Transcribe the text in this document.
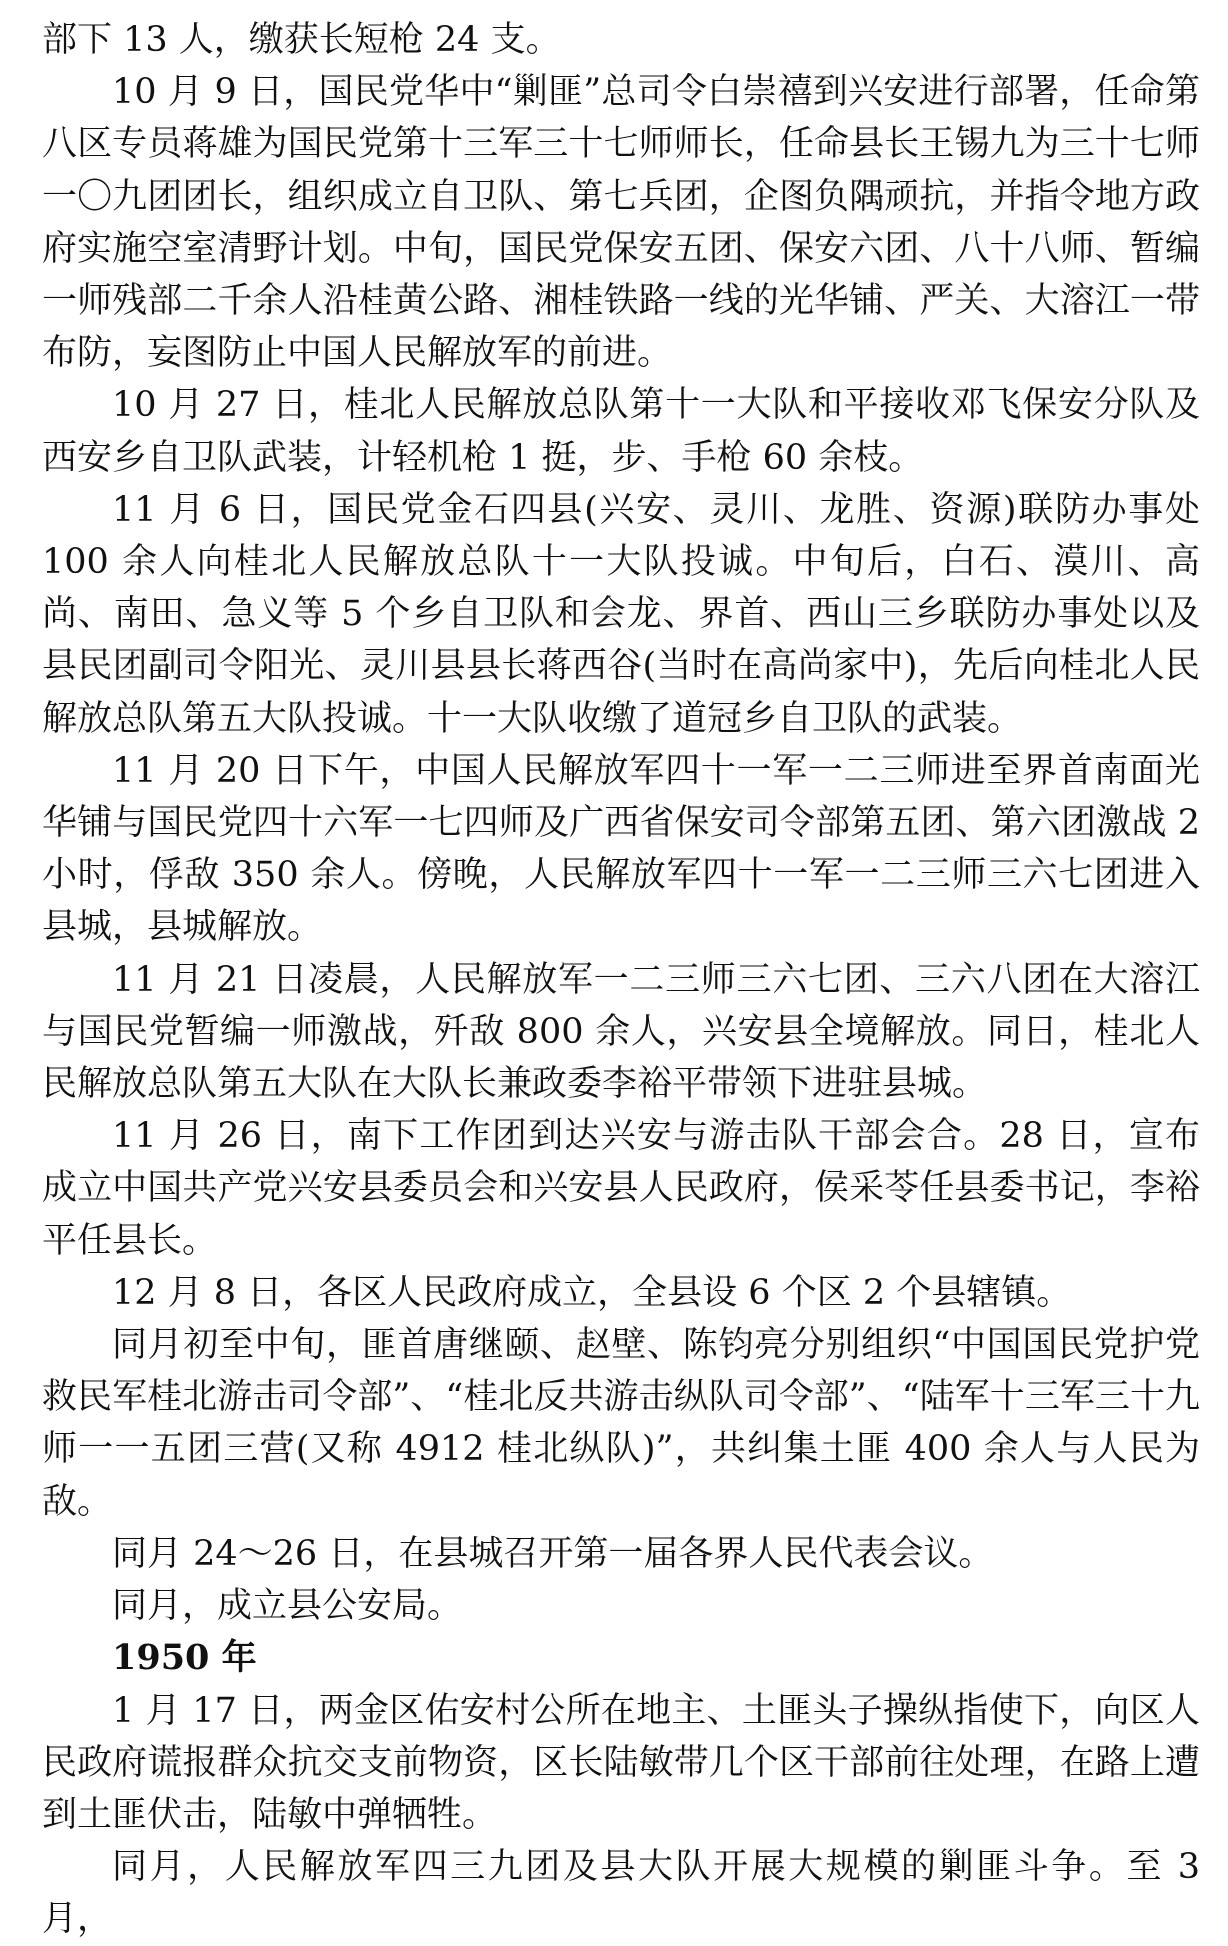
部下 13 人，缴获长短枪 24 支。

10 月 9 日，国民党华中“剿匪”总司令白崇禧到兴安进行部署，任命第八区专员蒋雄为国民党第十三军三十七师师长，任命县长王锡九为三十七师一〇九团团长，组织成立自卫队、第七兵团，企图负隅顽抗，并指令地方政府实施空室清野计划。中旬，国民党保安五团、保安六团、八十八师、暂编一师残部二千余人沿桂黄公路、湘桂铁路一线的光华铺、严关、大溶江一带布防，妄图防止中国人民解放军的前进。

10 月 27 日，桂北人民解放总队第十一大队和平接收邓飞保安分队及西安乡自卫队武装，计轻机枪 1 挺，步、手枪 60 余枝。

11 月 6 日，国民党金石四县(兴安、灵川、龙胜、资源)联防办事处 100 余人向桂北人民解放总队十一大队投诚。中旬后，白石、漠川、高尚、南田、急义等 5 个乡自卫队和会龙、界首、西山三乡联防办事处以及县民团副司令阳光、灵川县县长蒋西谷(当时在高尚家中)，先后向桂北人民解放总队第五大队投诚。十一大队收缴了道冠乡自卫队的武装。

11 月 20 日下午，中国人民解放军四十一军一二三师进至界首南面光华铺与国民党四十六军一七四师及广西省保安司令部第五团、第六团激战 2 小时，俘敌 350 余人。傍晚，人民解放军四十一军一二三师三六七团进入县城，县城解放。

11 月 21 日凌晨，人民解放军一二三师三六七团、三六八团在大溶江与国民党暂编一师激战，歼敌 800 余人，兴安县全境解放。同日，桂北人民解放总队第五大队在大队长兼政委李裕平带领下进驻县城。

11 月 26 日，南下工作团到达兴安与游击队干部会合。28 日，宣布成立中国共产党兴安县委员会和兴安县人民政府，侯采苓任县委书记，李裕平任县长。

12 月 8 日，各区人民政府成立，全县设 6 个区 2 个县辖镇。

同月初至中旬，匪首唐继颐、赵壁、陈钧亮分别组织“中国国民党护党救民军桂北游击司令部”、“桂北反共游击纵队司令部”、“陆军十三军三十九师一一五团三营(又称 4912 桂北纵队)”，共纠集土匪 400 余人与人民为敌。

同月 24～26 日，在县城召开第一届各界人民代表会议。

同月，成立县公安局。

1950 年

1 月 17 日，两金区佑安村公所在地主、土匪头子操纵指使下，向区人民政府谎报群众抗交支前物资，区长陆敏带几个区干部前往处理，在路上遭到土匪伏击，陆敏中弹牺牲。

同月，人民解放军四三九团及县大队开展大规模的剿匪斗争。至 3 月，
